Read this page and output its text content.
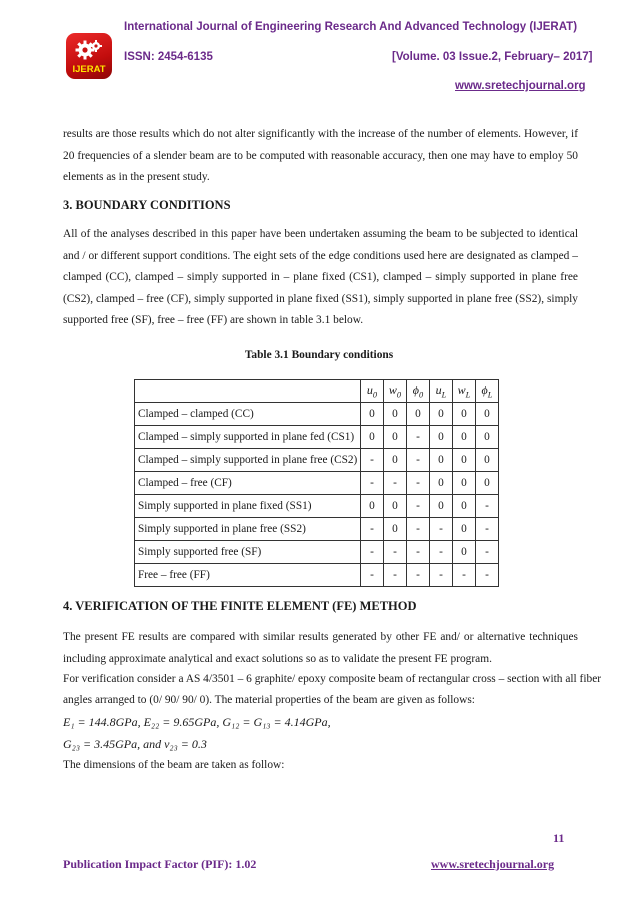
IJERAT
International Journal of Engineering Research And Advanced Technology (IJERAT)
ISSN: 2454-6135	[Volume. 03 Issue.2, February– 2017]
www.sretechjournal.org

results are those results which do not alter significantly with the increase of the number of elements. However, if 20 frequencies of a slender beam are to be computed with reasonable accuracy, then one may have to employ 50 elements as in the present study.

3. BOUNDARY CONDITIONS

All of the analyses described in this paper have been undertaken assuming the beam to be subjected to identical and / or different support conditions. The eight sets of the edge conditions used here are designated as clamped – clamped (CC), clamped – simply supported in – plane fixed (CS1), clamped – simply supported in plane free (CS2), clamped – free (CF), simply supported in plane fixed (SS1), simply supported in plane free (SS2), simply supported free (SF), free – free (FF) are shown in table 3.1 below.

Table 3.1 Boundary conditions
	$u_0$	$w_0$	$\phi_0$	$u_L$	$w_L$	$\phi_L$
Clamped – clamped (CC)	0	0	0	0	0	0
Clamped – simply supported in plane fed (CS1)	0	0	-	0	0	0
Clamped – simply supported in plane free (CS2)	-	0	-	0	0	0
Clamped – free (CF)	-	-	-	0	0	0
Simply supported in plane fixed (SS1)	0	0	-	0	0	-
Simply supported in plane free (SS2)	-	0	-	-	0	-
Simply supported free (SF)	-	-	-	-	0	-
Free – free (FF)	-	-	-	-	-	-
4. VERIFICATION OF THE FINITE ELEMENT (FE) METHOD

The present FE results are compared with similar results generated by other FE and/ or alternative techniques including approximate analytical and exact solutions so as to validate the present FE program.

For verification consider a AS 4/3501 – 6 graphite/ epoxy composite beam of rectangular cross – section with all fiber
angles arranged to (0/ 90/ 90/ 0). The material properties of the beam are given as follows:
E₁ = 144.8GPa, E₂₂ = 9.65GPa, G₁₂ = G₁₃ = 4.14GPa,
G₂₃ = 3.45GPa, and ν₂₃ = 0.3
The dimensions of the beam are taken as follow:
11
Publication Impact Factor (PIF): 1.02	www.sretechjournal.org
